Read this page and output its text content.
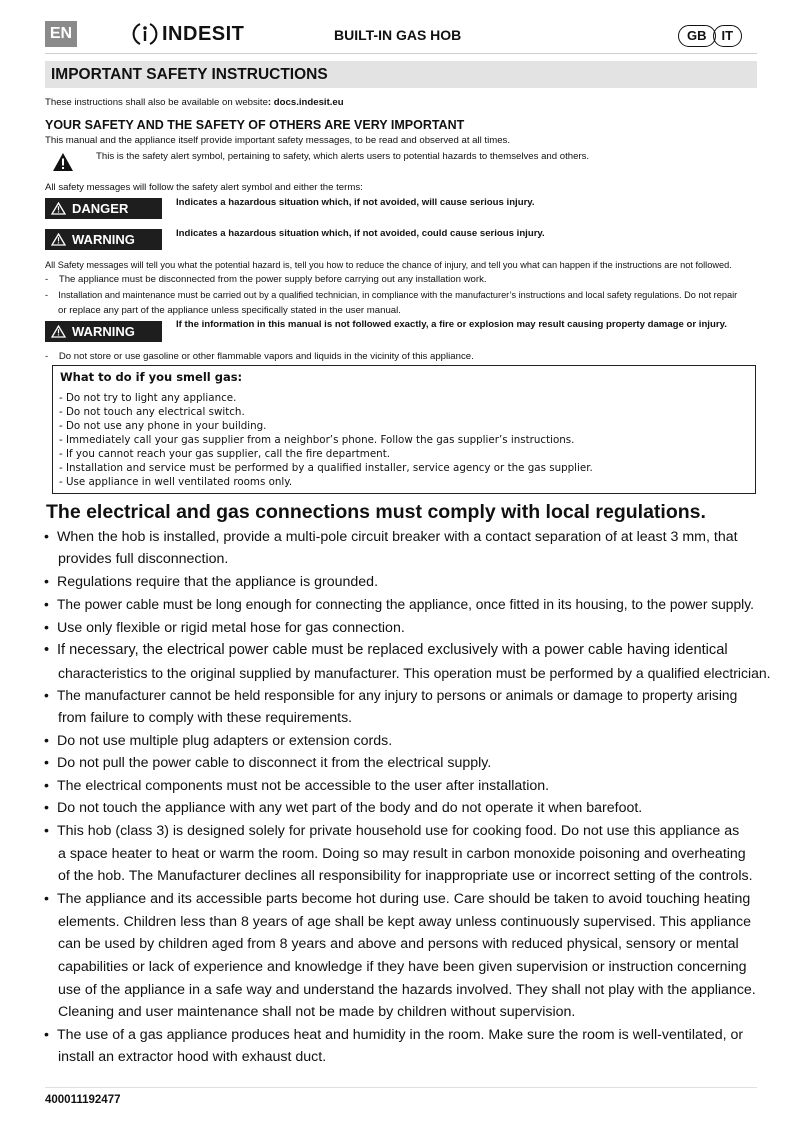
EN	INDESIT	BUILT-IN GAS HOB	GB	IT
IMPORTANT SAFETY INSTRUCTIONS
These instructions shall also be available on website: docs.indesit.eu
YOUR SAFETY AND THE SAFETY OF OTHERS ARE VERY IMPORTANT
This manual and the appliance itself provide important safety messages, to be read and observed at all times.
This is the safety alert symbol, pertaining to safety, which alerts users to potential hazards to themselves and others.
All safety messages will follow the safety alert symbol and either the terms:
DANGER	Indicates a hazardous situation which, if not avoided, will cause serious injury.
WARNING	Indicates a hazardous situation which, if not avoided, could cause serious injury.
All Safety messages will tell you what the potential hazard is, tell you how to reduce the chance of injury, and tell you what can happen if the instructions are not followed.
-    The appliance must be disconnected from the power supply before carrying out any installation work.
-    Installation and maintenance must be carried out by a qualified technician, in compliance with the manufacturer’s instructions and local safety regulations. Do not repair
or replace any part of the appliance unless specifically stated in the user manual.
WARNING	If the information in this manual is not followed exactly, a fire or explosion may result causing property damage or injury.
-    Do not store or use gasoline or other flammable vapors and liquids in the vicinity of this appliance.
What to do if you smell gas:
- Do not try to light any appliance.
- Do not touch any electrical switch.
- Do not use any phone in your building.
- Immediately call your gas supplier from a neighbor’s phone. Follow the gas supplier’s instructions.
- If you cannot reach your gas supplier, call the fire department.
- Installation and service must be performed by a qualified installer, service agency or the gas supplier.
- Use appliance in well ventilated rooms only.
The electrical and gas connections must comply with local regulations.
• When the hob is installed, provide a multi-pole circuit breaker with a contact separation of at least 3 mm, that
provides full disconnection.
• Regulations require that the appliance is grounded.
• The power cable must be long enough for connecting the appliance, once fitted in its housing, to the power supply.
• Use only flexible or rigid metal hose for gas connection.
• If necessary, the electrical power cable must be replaced exclusively with a power cable having identical
characteristics to the original supplied by manufacturer. This operation must be performed by a qualified electrician.
• The manufacturer cannot be held responsible for any injury to persons or animals or damage to property arising
from failure to comply with these requirements.
• Do not use multiple plug adapters or extension cords.
• Do not pull the power cable to disconnect it from the electrical supply.
• The electrical components must not be accessible to the user after installation.
• Do not touch the appliance with any wet part of the body and do not operate it when barefoot.
• This hob (class 3) is designed solely for private household use for cooking food. Do not use this appliance as
a space heater to heat or warm the room. Doing so may result in carbon monoxide poisoning and overheating
of the hob. The Manufacturer declines all responsibility for inappropriate use or incorrect setting of the controls.
• The appliance and its accessible parts become hot during use. Care should be taken to avoid touching heating
elements. Children less than 8 years of age shall be kept away unless continuously supervised. This appliance
can be used by children aged from 8 years and above and persons with reduced physical, sensory or mental
capabilities or lack of experience and knowledge if they have been given supervision or instruction concerning
use of the appliance in a safe way and understand the hazards involved. They shall not play with the appliance.
Cleaning and user maintenance shall not be made by children without supervision.
• The use of a gas appliance produces heat and humidity in the room. Make sure the room is well-ventilated, or
install an extractor hood with exhaust duct.
400011192477
